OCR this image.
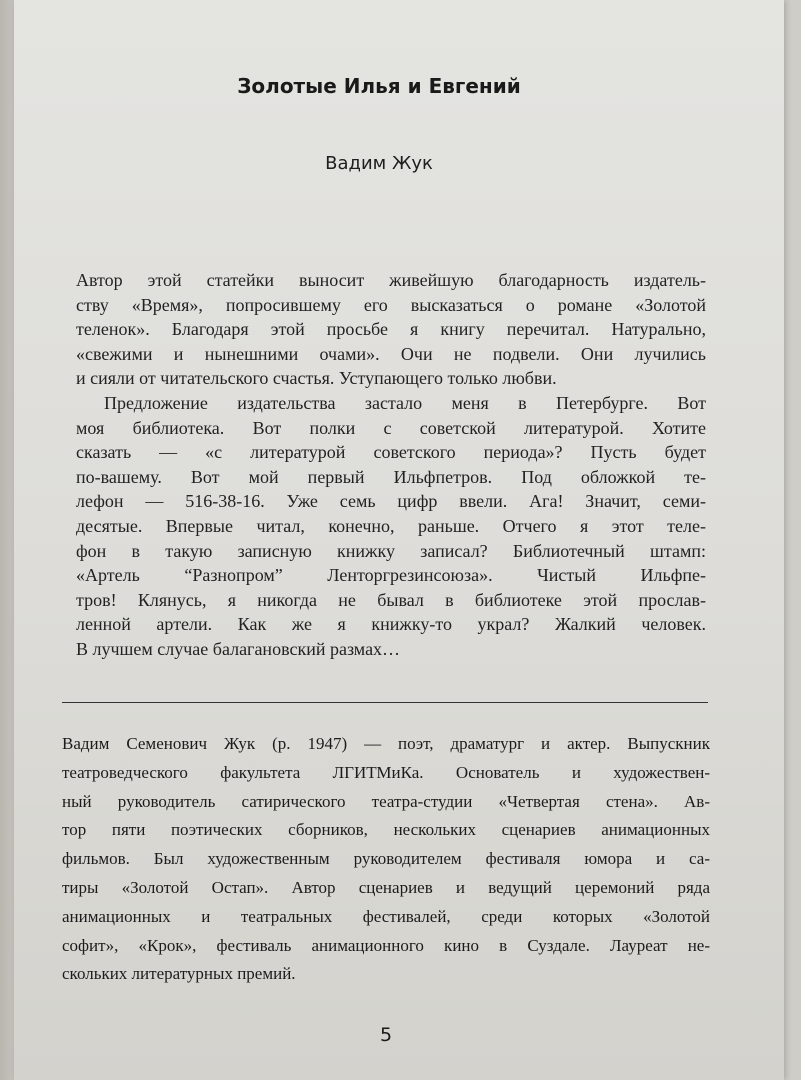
Золотые Илья и Евгений
Вадим Жук
Автор этой статейки выносит живейшую благодарность издатель-
ству «Время», попросившему его высказаться о романе «Золотой
теленок». Благодаря этой просьбе я книгу перечитал. Натурально,
«свежими и нынешними очами». Очи не подвели. Они лучились
и сияли от читательского счастья. Уступающего только любви.
Предложение издательства застало меня в Петербурге. Вот
моя библиотека. Вот полки с советской литературой. Хотите
сказать — «с литературой советского периода»? Пусть будет
по-вашему. Вот мой первый Ильфпетров. Под обложкой те-
лефон — 516-38-16. Уже семь цифр ввели. Ага! Значит, семи-
десятые. Впервые читал, конечно, раньше. Отчего я этот теле-
фон в такую записную книжку записал? Библиотечный штамп:
«Артель “Разнопром” Ленторгрезинсоюза». Чистый Ильфпе-
тров! Клянусь, я никогда не бывал в библиотеке этой прослав-
ленной артели. Как же я книжку-то украл? Жалкий человек.
В лучшем случае балагановский размах…
Вадим Семенович Жук (р. 1947) — поэт, драматург и актер. Выпускник
театроведческого факультета ЛГИТМиКа. Основатель и художествен-
ный руководитель сатирического театра-студии «Четвертая стена». Ав-
тор пяти поэтических сборников, нескольких сценариев анимационных
фильмов. Был художественным руководителем фестиваля юмора и са-
тиры «Золотой Остап». Автор сценариев и ведущий церемоний ряда
анимационных и театральных фестивалей, среди которых «Золотой
софит», «Крок», фестиваль анимационного кино в Суздале. Лауреат не-
скольких литературных премий.
5
